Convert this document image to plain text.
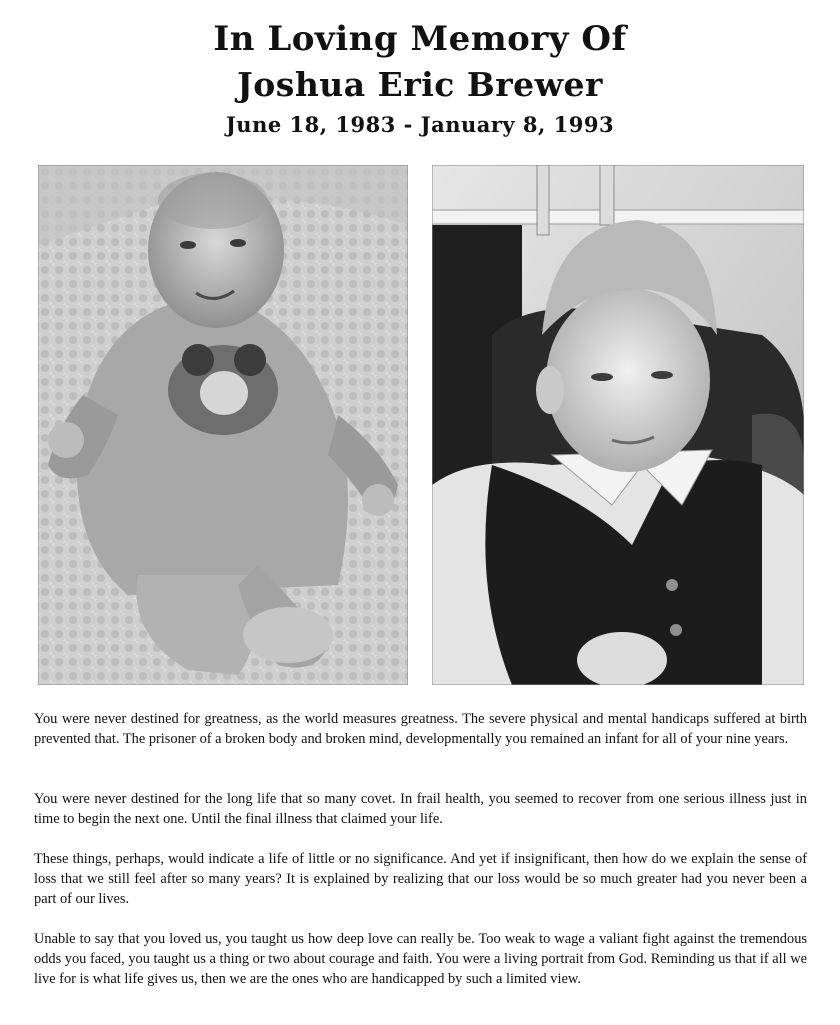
In Loving Memory Of
Joshua Eric Brewer
June 18, 1983 - January 8, 1993

You were never destined for greatness, as the world measures greatness. The severe physical and mental handicaps suffered at birth prevented that. The prisoner of a broken body and broken mind, developmentally you remained an infant for all of your nine years.

You were never destined for the long life that so many covet. In frail health, you seemed to recover from one serious illness just in time to begin the next one. Until the final illness that claimed your life.

These things, perhaps, would indicate a life of little or no significance. And yet if insignificant, then how do we explain the sense of loss that we still feel after so many years? It is explained by realizing that our loss would be so much greater had you never been a part of our lives.

Unable to say that you loved us, you taught us how deep love can really be. Too weak to wage a valiant fight against the tremendous odds you faced, you taught us a thing or two about courage and faith. You were a living portrait from God. Reminding us that if all we live for is what life gives us, then we are the ones who are handicapped by such a limited view.
